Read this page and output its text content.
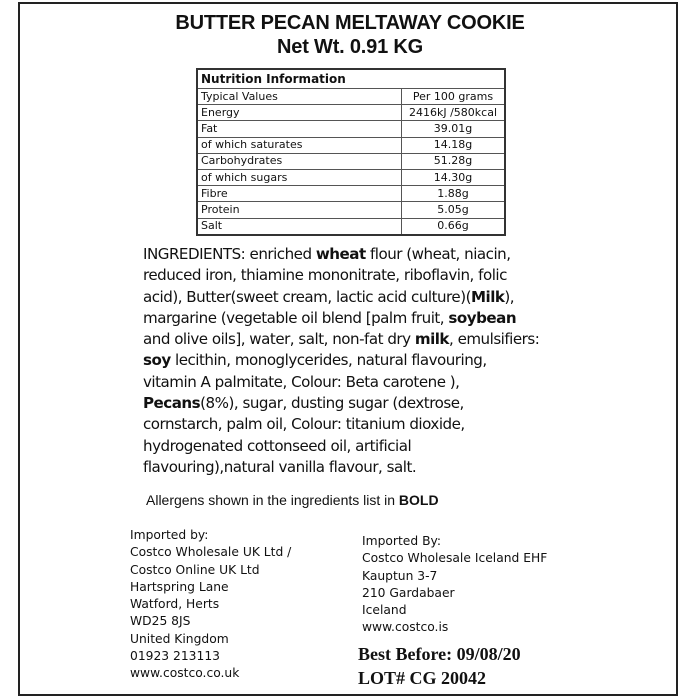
BUTTER PECAN MELTAWAY COOKIE
Net Wt. 0.91 KG
Nutrition Information	
Typical Values	Per 100 grams
Energy	2416kJ /580kcal
Fat	39.01g
of which saturates	14.18g
Carbohydrates	51.28g
of which sugars	14.30g
Fibre	1.88g
Protein	5.05g
Salt	0.66g
INGREDIENTS: enriched wheat flour (wheat, niacin, reduced iron, thiamine mononitrate, riboflavin, folic acid), Butter(sweet cream, lactic acid culture)(Milk), margarine (vegetable oil blend [palm fruit, soybean and olive oils], water, salt, non-fat dry milk, emulsifiers: soy lecithin, monoglycerides, natural flavouring, vitamin A palmitate, Colour: Beta carotene ), Pecans(8%), sugar, dusting sugar (dextrose, cornstarch, palm oil, Colour: titanium dioxide, hydrogenated cottonseed oil, artificial flavouring),natural vanilla flavour, salt.
Allergens shown in the ingredients list in BOLD
Imported by:
Costco Wholesale UK Ltd /
Costco Online UK Ltd
Hartspring Lane
Watford, Herts
WD25 8JS
United Kingdom
01923 213113
www.costco.co.uk
Imported By:
Costco Wholesale Iceland EHF
Kauptun 3-7
210 Gardabaer
Iceland
www.costco.is
Best Before: 09/08/20
LOT# CG 20042
